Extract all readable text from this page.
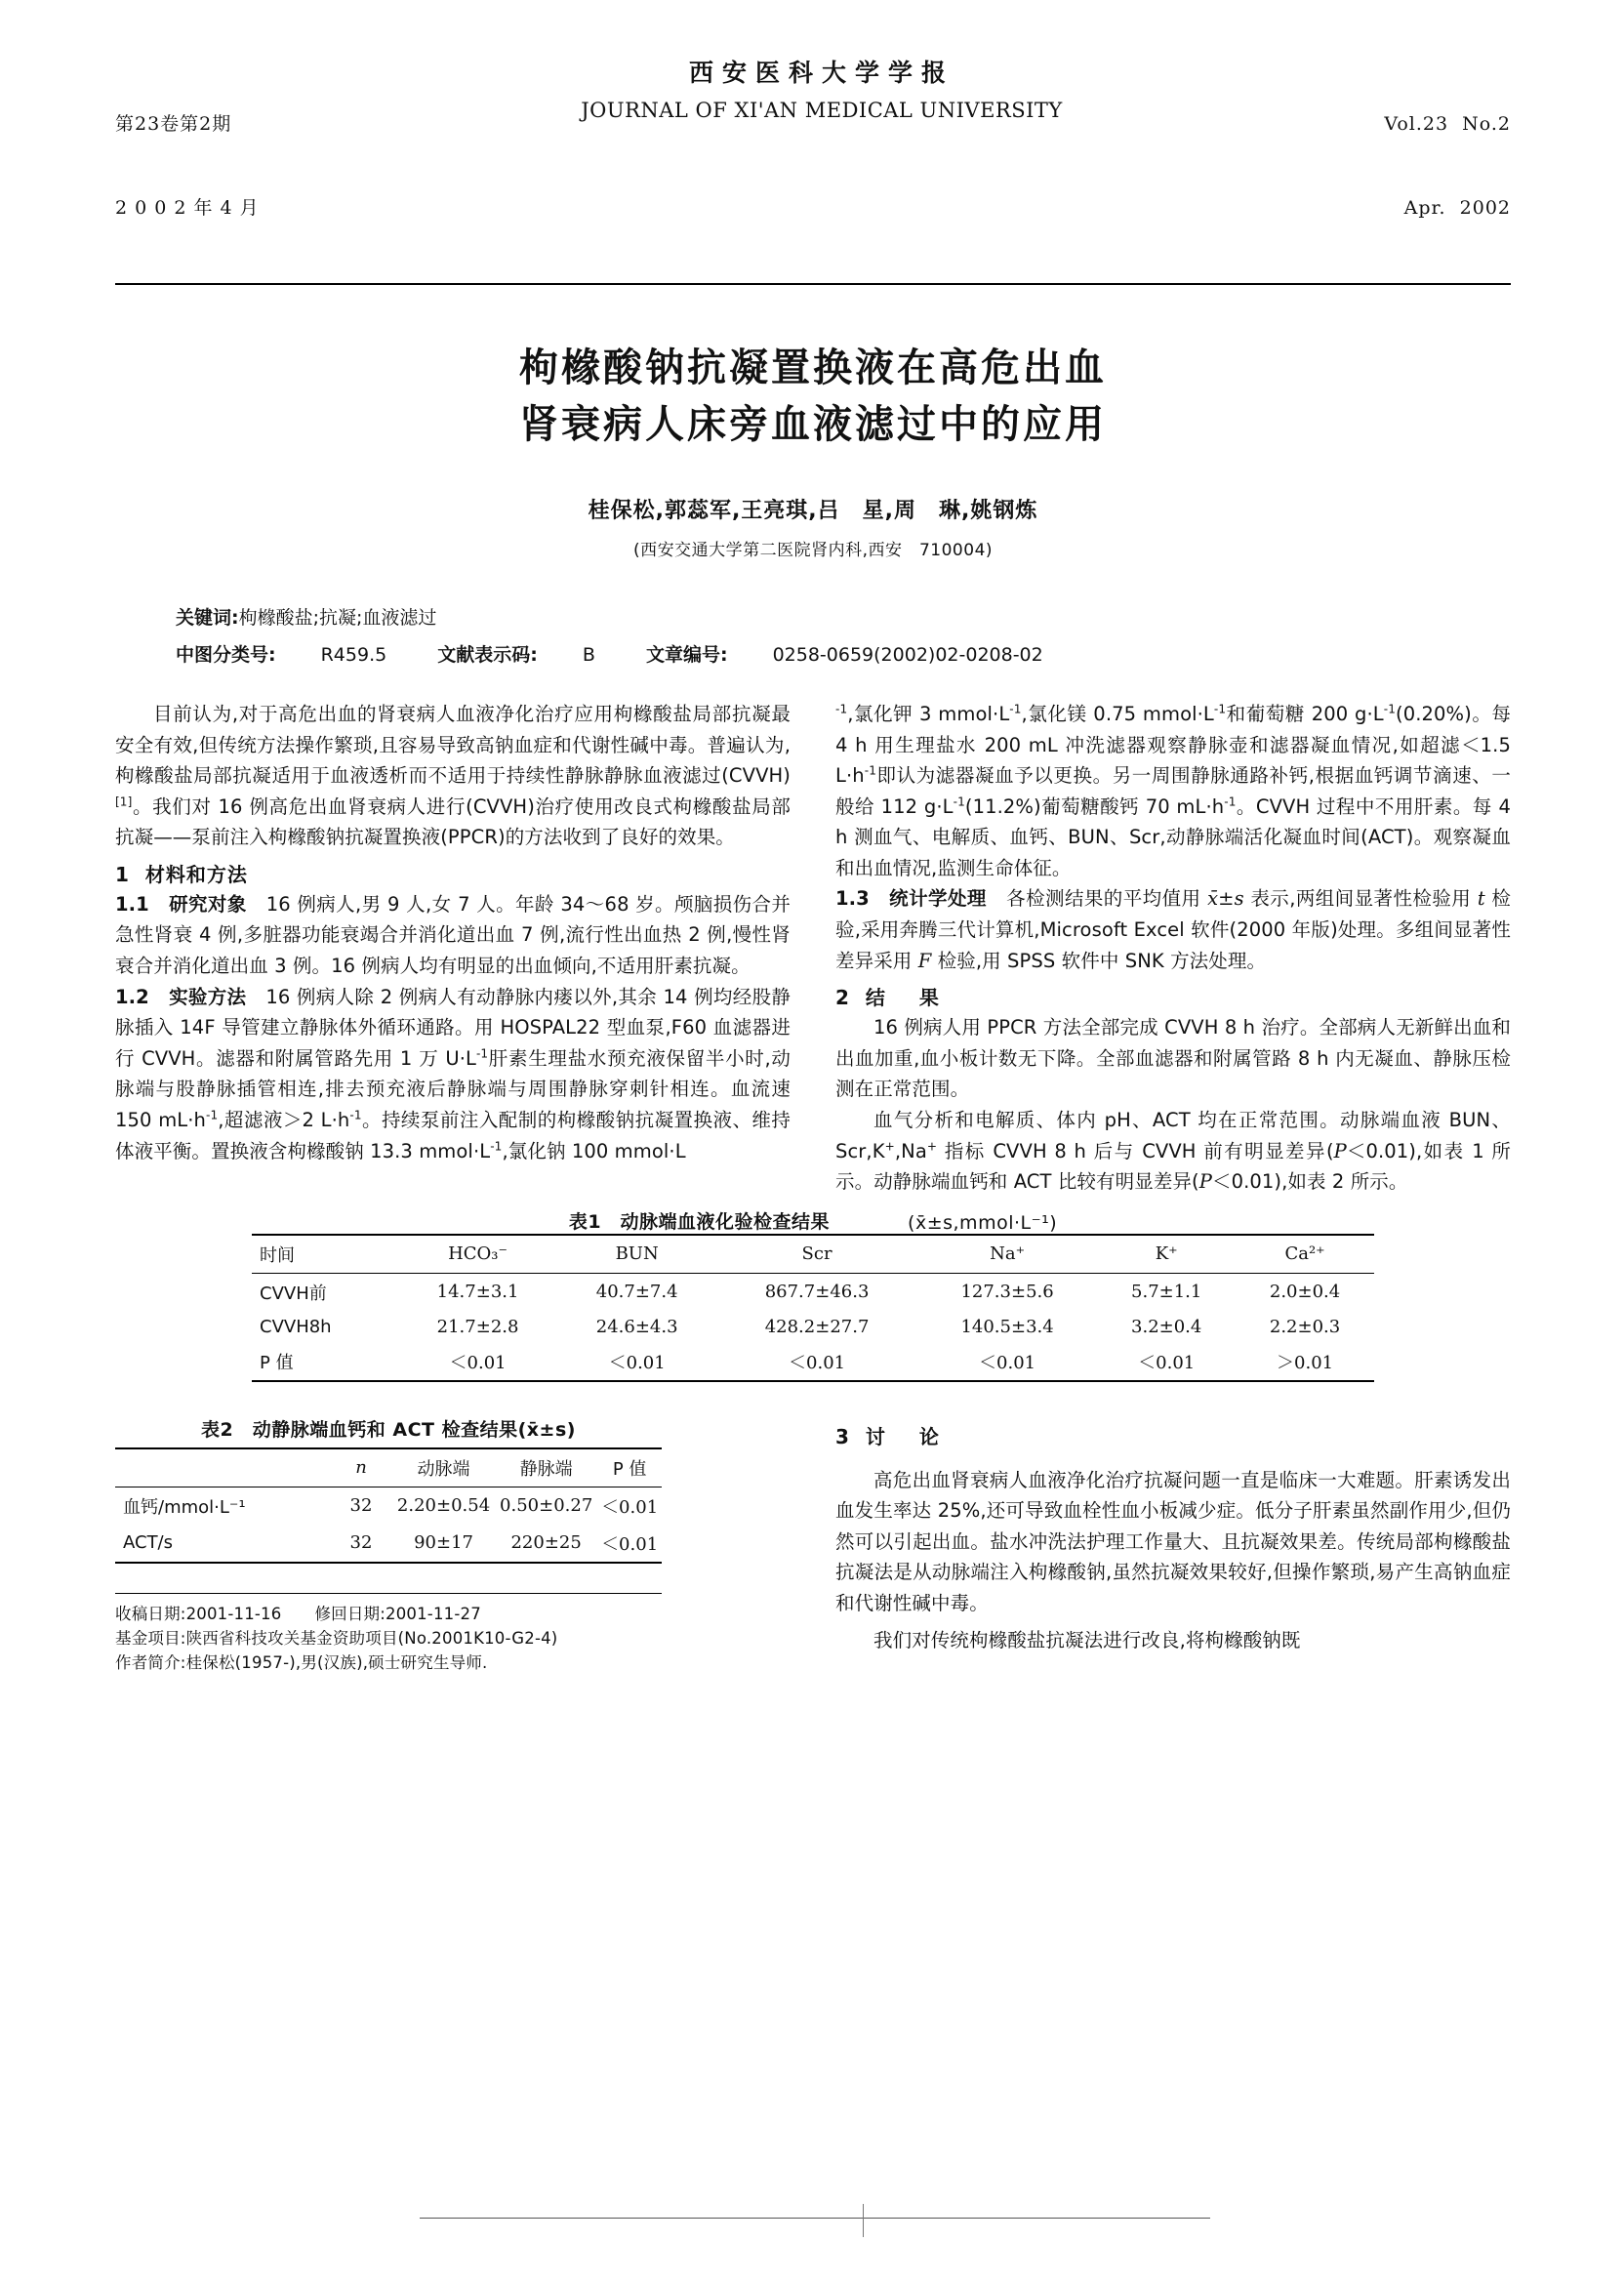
第23卷第2期

2 0 0 2 年 4 月

西安医科大学学报
JOURNAL OF XI'AN MEDICAL UNIVERSITY

Vol.23  No.2

Apr.  2002

枸橼酸钠抗凝置换液在高危出血
肾衰病人床旁血液滤过中的应用
桂保松,郭蕊军,王亮琪,吕　星,周　琳,姚钢炼
(西安交通大学第二医院肾内科,西安　710004)
关键词:枸橼酸盐;抗凝;血液滤过
中图分类号: R459.5	文献表示码: B	文章编号: 0258-0659(2002)02-0208-02

目前认为,对于高危出血的肾衰病人血液净化治疗应用枸橼酸盐局部抗凝最安全有效,但传统方法操作繁琐,且容易导致高钠血症和代谢性碱中毒。普遍认为,枸橼酸盐局部抗凝适用于血液透析而不适用于持续性静脉静脉血液滤过(CVVH)[1]。我们对 16 例高危出血肾衰病人进行(CVVH)治疗使用改良式枸橼酸盐局部抗凝——泵前注入枸橼酸钠抗凝置换液(PPCR)的方法收到了良好的效果。

1 材料和方法

1.1 研究对象 16 例病人,男 9 人,女 7 人。年龄 34～68 岁。颅脑损伤合并急性肾衰 4 例,多脏器功能衰竭合并消化道出血 7 例,流行性出血热 2 例,慢性肾衰合并消化道出血 3 例。16 例病人均有明显的出血倾向,不适用肝素抗凝。

1.2 实验方法 16 例病人除 2 例病人有动静脉内瘘以外,其余 14 例均经股静脉插入 14F 导管建立静脉体外循环通路。用 HOSPAL22 型血泵,F60 血滤器进行 CVVH。滤器和附属管路先用 1 万 $U\cdot L^{-1}$肝素生理盐水预充液保留半小时,动脉端与股静脉插管相连,排去预充液后静脉端与周围静脉穿刺针相连。血流速 150 $mL\cdot h^{-1}$,超滤液＞2 $L\cdot h^{-1}$。持续泵前注入配制的枸橼酸钠抗凝置换液、维持体液平衡。置换液含枸橼酸钠 13.3 $mmol\cdot L^{-1}$,氯化钠 100 mmol·L

$^{-1}$,氯化钾 3 $mmol\cdot L^{-1}$,氯化镁 0.75 $mmol\cdot L^{-1}$和葡萄糖 200 $g\cdot L^{-1}(0.20\%)$。每 4 h 用生理盐水 200 mL 冲洗滤器观察静脉壶和滤器凝血情况,如超滤＜1.5 $L\cdot h^{-1}$即认为滤器凝血予以更换。另一周围静脉通路补钙,根据血钙调节滴速、一般给 112 $g\cdot L^{-1}(11.2\%)$葡萄糖酸钙 70 $mL\cdot h^{-1}$。CVVH 过程中不用肝素。每 4 h 测血气、电解质、血钙、BUN、Scr,动静脉端活化凝血时间(ACT)。观察凝血和出血情况,监测生命体征。

1.3 统计学处理 各检测结果的平均值用 x̄±s 表示,两组间显著性检验用 t 检验,采用奔腾三代计算机,Microsoft Excel 软件(2000 年版)处理。多组间显著性差异采用 F 检验,用 SPSS 软件中 SNK 方法处理。

2 结 果

16 例病人用 PPCR 方法全部完成 CVVH 8 h 治疗。全部病人无新鲜出血和出血加重,血小板计数无下降。全部血滤器和附属管路 8 h 内无凝血、静脉压检测在正常范围。

血气分析和电解质、体内 pH、ACT 均在正常范围。动脉端血液 BUN、Scr,K+,Na+ 指标 CVVH 8 h 后与 CVVH 前有明显差异(P＜0.01),如表 1 所示。动静脉端血钙和 ACT 比较有明显差异(P＜0.01),如表 2 所示。

表1　动脉端血液化验检查结果	(x̄±s,mmol·L⁻¹)
时间	HCO₃⁻	BUN	Scr	Na⁺	K⁺	Ca²⁺
CVVH前	14.7±3.1	40.7±7.4	867.7±46.3	127.3±5.6	5.7±1.1	2.0±0.4
CVVH8h	21.7±2.8	24.6±4.3	428.2±27.7	140.5±3.4	3.2±0.4	2.2±0.3
P 值	＜0.01	＜0.01	＜0.01	＜0.01	＜0.01	＞0.01
表2　动静脉端血钙和 ACT 检查结果(x̄±s)
	n	动脉端	静脉端	P 值
血钙/mmol·L⁻¹	32	2.20±0.54	0.50±0.27	＜0.01
ACT/s	32	90±17	220±25	＜0.01
收稿日期:2001-11-16 修回日期:2001-11-27
基金项目:陕西省科技攻关基金资助项目(No.2001K10-G2-4)
作者简介:桂保松(1957-),男(汉族),硕士研究生导师.
3 讨 论

高危出血肾衰病人血液净化治疗抗凝问题一直是临床一大难题。肝素诱发出血发生率达 25%,还可导致血栓性血小板减少症。低分子肝素虽然副作用少,但仍然可以引起出血。盐水冲洗法护理工作量大、且抗凝效果差。传统局部枸橼酸盐抗凝法是从动脉端注入枸橼酸钠,虽然抗凝效果较好,但操作繁琐,易产生高钠血症和代谢性碱中毒。

我们对传统枸橼酸盐抗凝法进行改良,将枸橼酸钠既
